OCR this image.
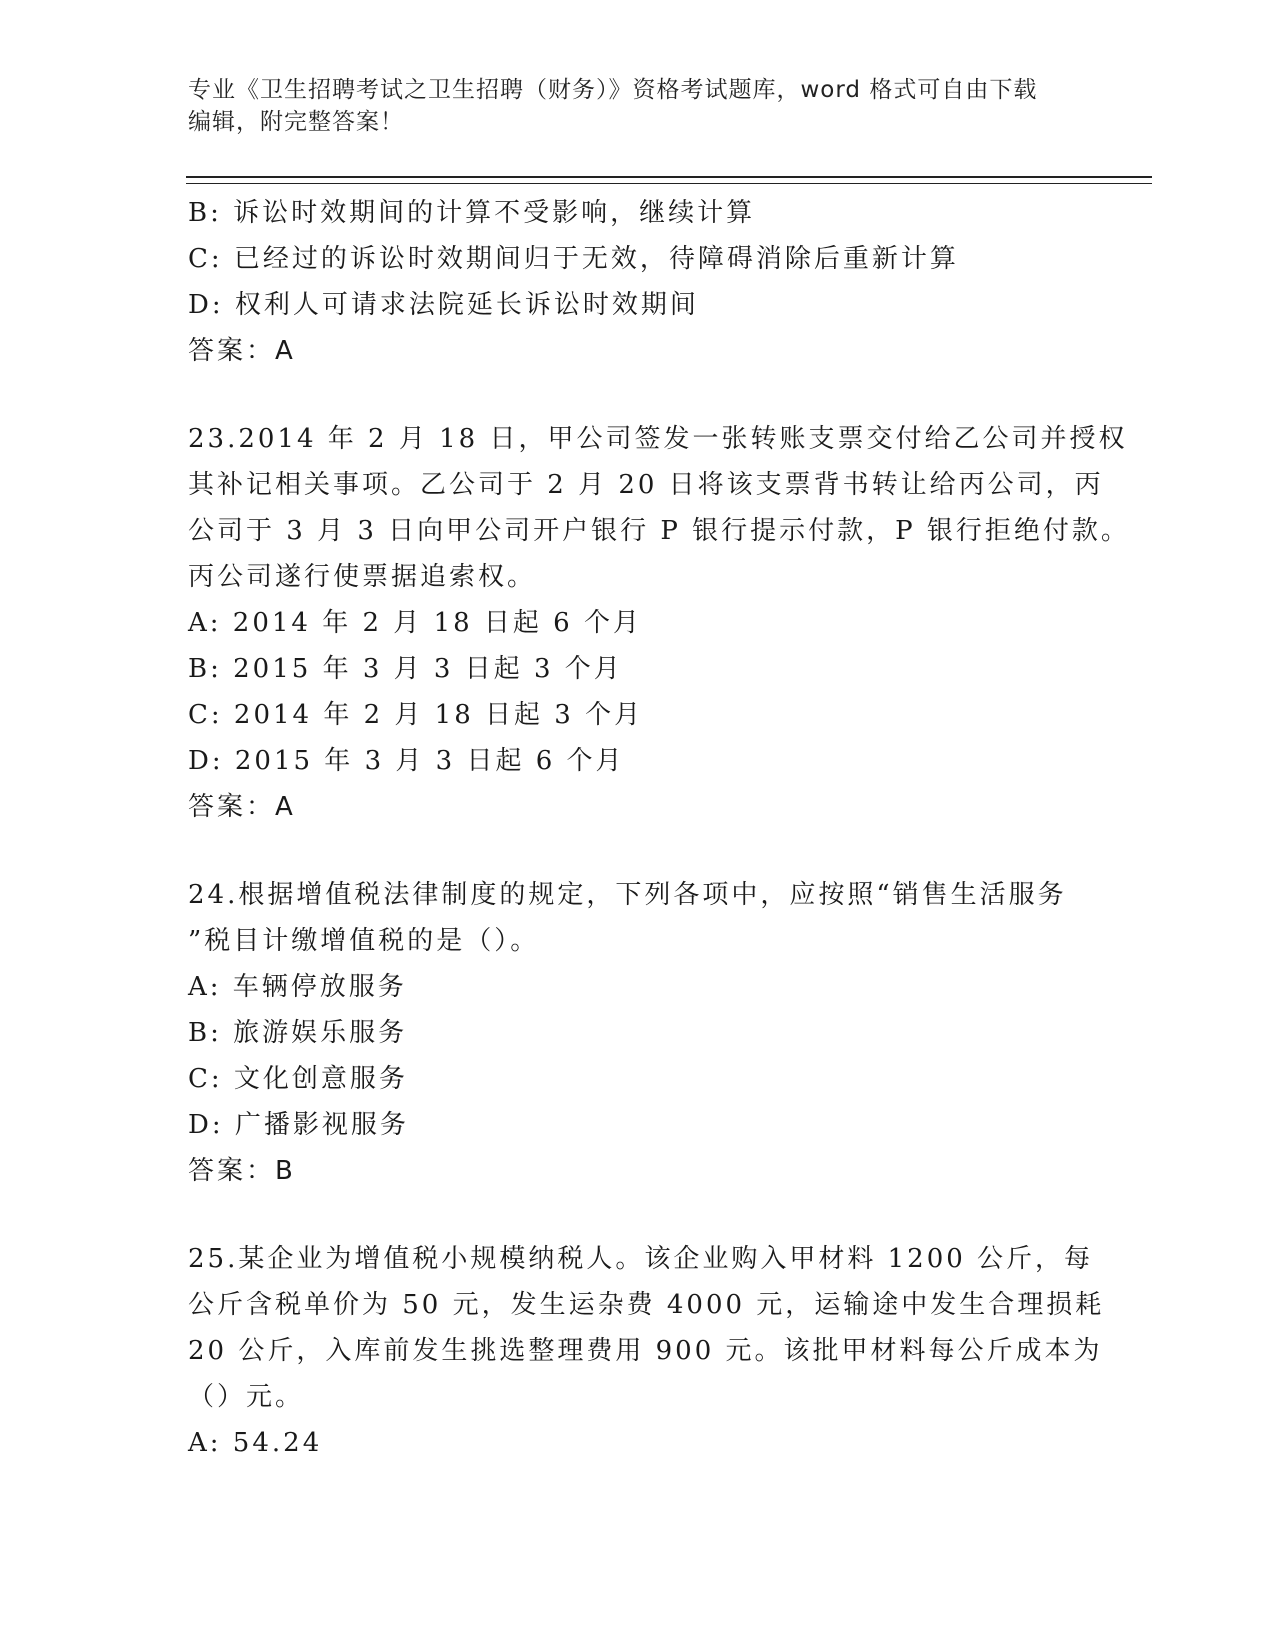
专业《卫生招聘考试之卫生招聘（财务）》资格考试题库，word 格式可自由下载
编辑，附完整答案！
B: 诉讼时效期间的计算不受影响，继续计算
C: 已经过的诉讼时效期间归于无效，待障碍消除后重新计算
D: 权利人可请求法院延长诉讼时效期间
答案：A
23.2014 年 2 月 18 日，甲公司签发一张转账支票交付给乙公司并授权
其补记相关事项。乙公司于 2 月 20 日将该支票背书转让给丙公司，丙
公司于 3 月 3 日向甲公司开户银行 P 银行提示付款，P 银行拒绝付款。
丙公司遂行使票据追索权。
A: 2014 年 2 月 18 日起 6 个月
B: 2015 年 3 月 3 日起 3 个月
C: 2014 年 2 月 18 日起 3 个月
D: 2015 年 3 月 3 日起 6 个月
答案：A
24.根据增值税法律制度的规定，下列各项中，应按照“销售生活服务
”税目计缴增值税的是（）。
A: 车辆停放服务
B: 旅游娱乐服务
C: 文化创意服务
D: 广播影视服务
答案：B
25.某企业为增值税小规模纳税人。该企业购入甲材料 1200 公斤，每
公斤含税单价为 50 元，发生运杂费 4000 元，运输途中发生合理损耗
20 公斤，入库前发生挑选整理费用 900 元。该批甲材料每公斤成本为
（）元。
A: 54.24
